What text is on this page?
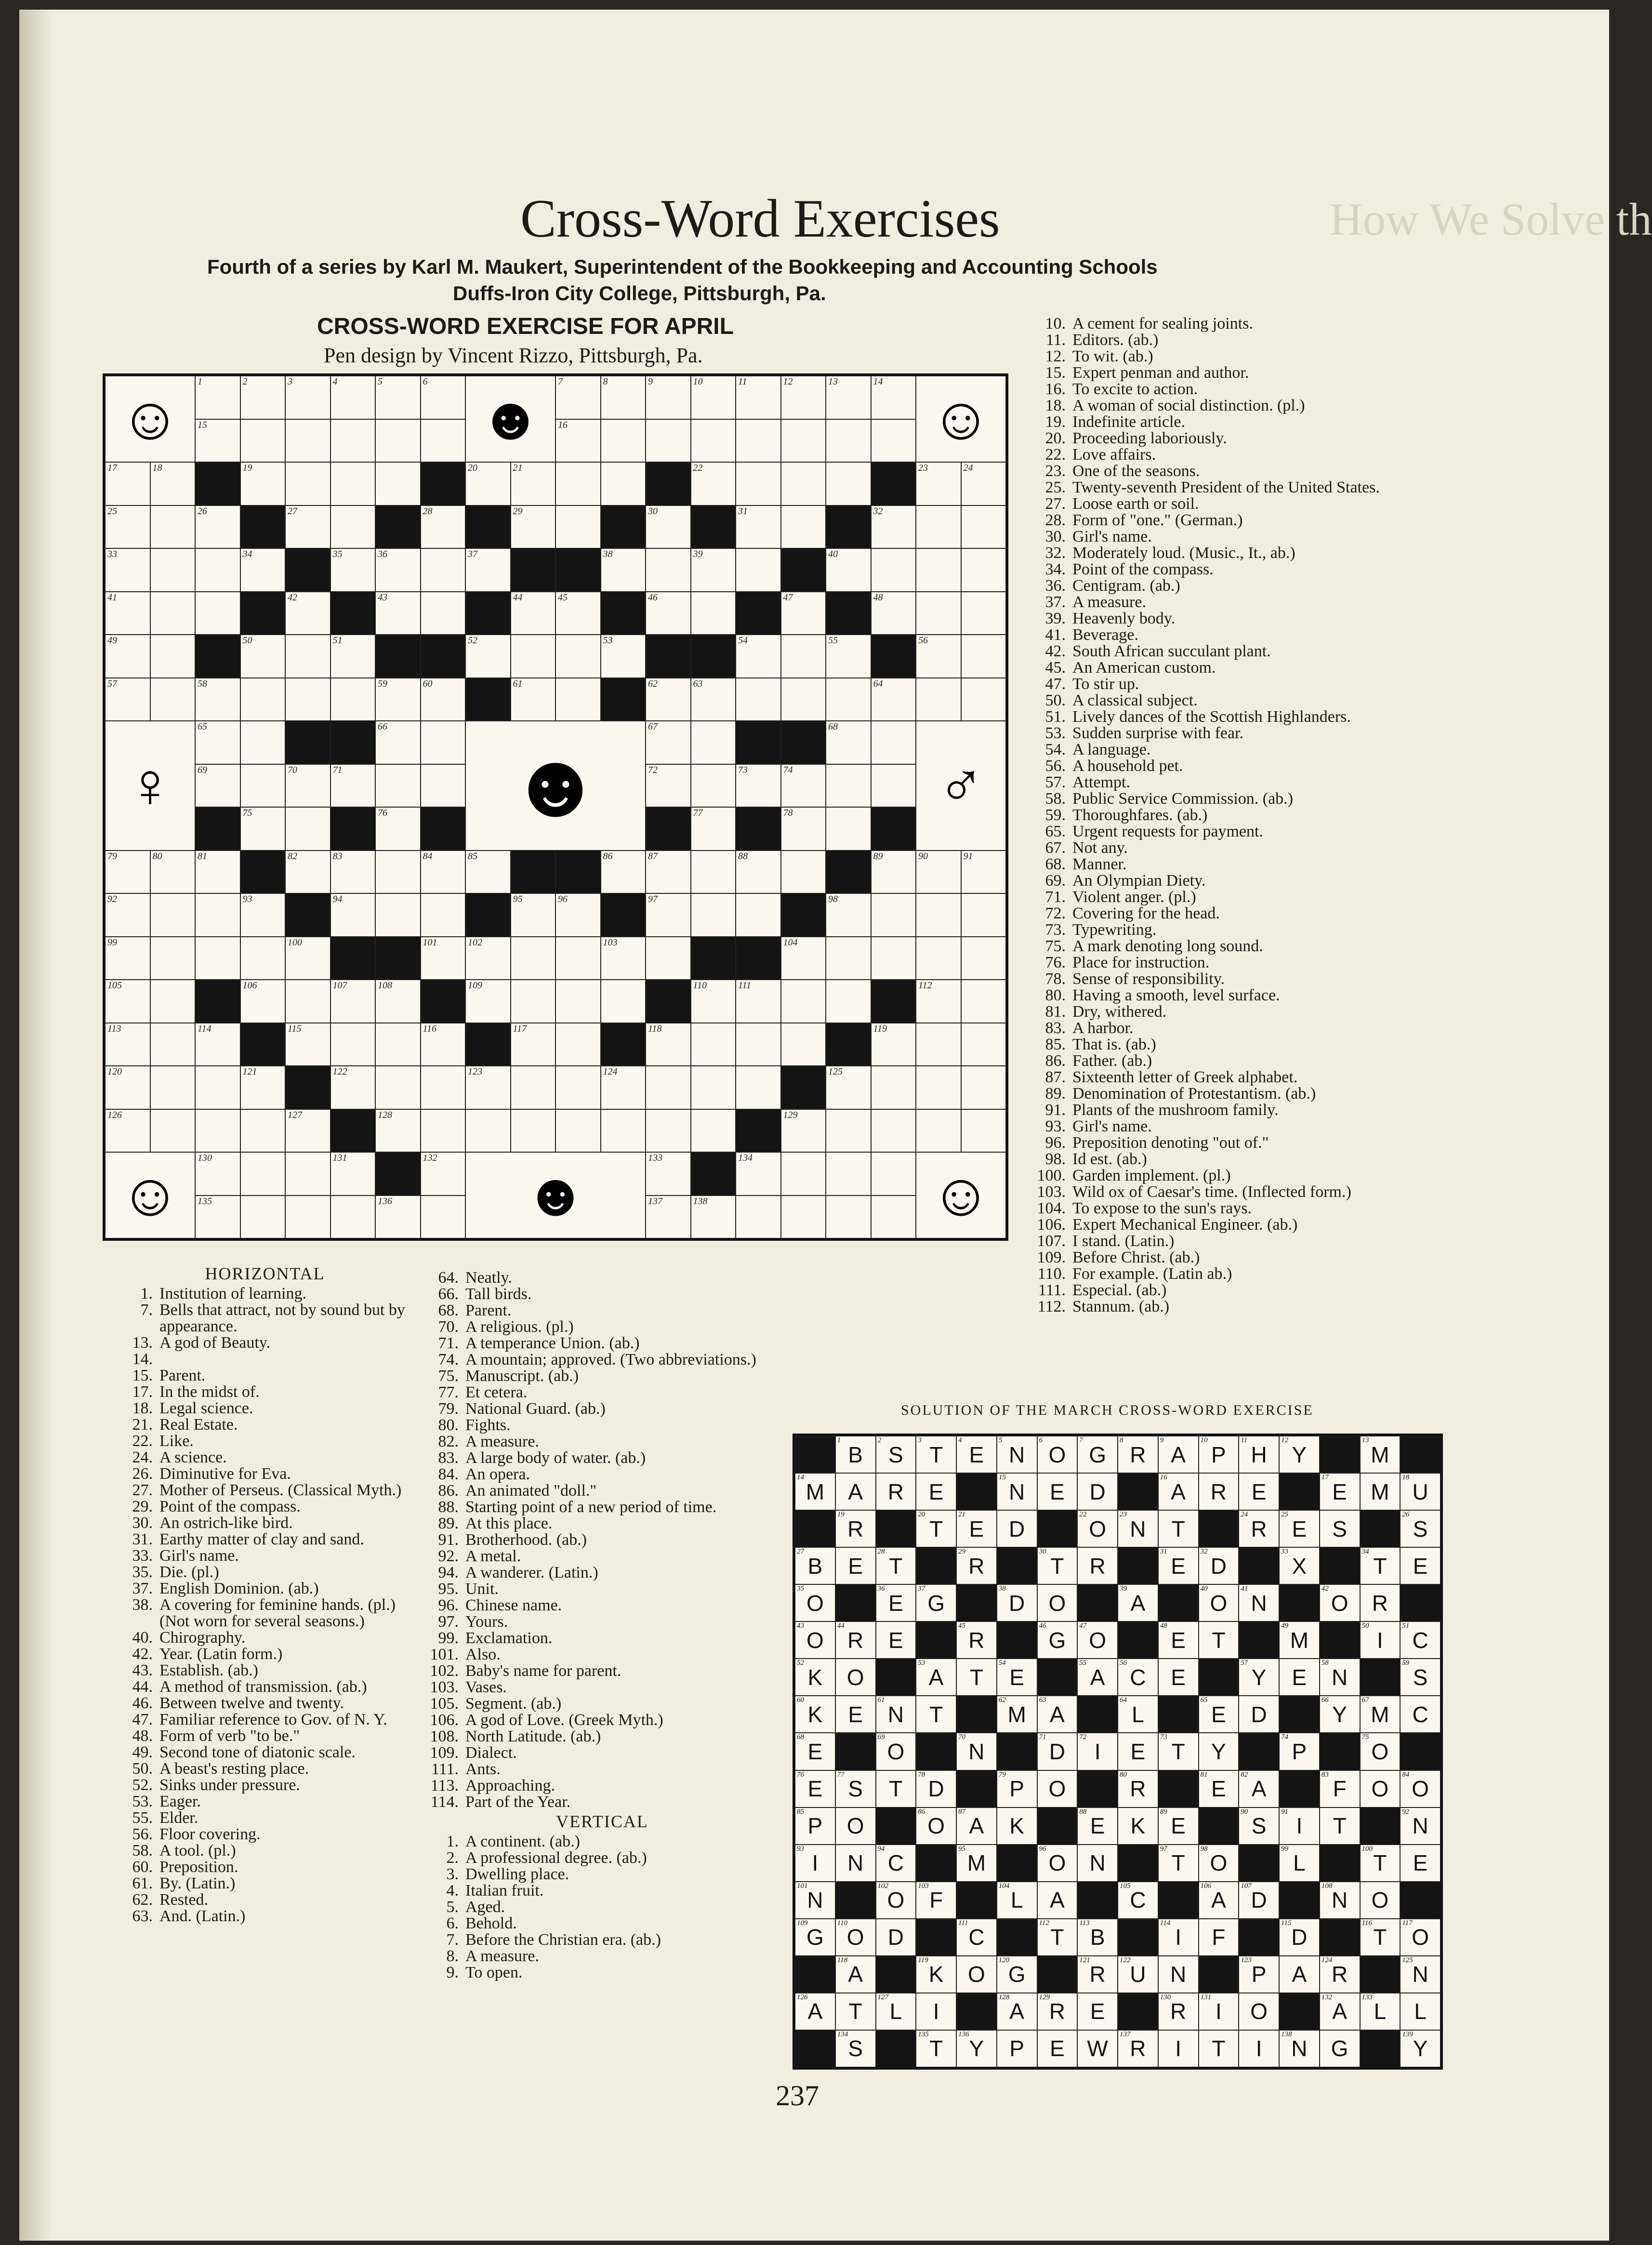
How We Solve th
Cross-Word Exercises
Fourth of a series by Karl M. Maukert, Superintendent of the Bookkeeping and Accounting Schools
Duffs-Iron City College, Pittsburgh, Pa.
CROSS-WORD EXERCISE FOR APRIL
Pen design by Vincent Rizzo, Pittsburgh, Pa.
1	2	3	4	5	6	7	8	9	10	11	12	13	14
15	16
17	18	19	20	21	22	23	24
25	26	27	28	29	30	31	32
33	34	35	36	37	38	39	40
41	42	43	44	45	46	47	48
49	50	51	52	53	54	55	56
57	58	59	60	61	62	63	64
65	66	67	68
69	70	71	72	73	74
75	76	77	78
79	80	81	82	83	84	85	86	87	88	89	90	91
92	93	94	95	96	97	98
99	100	101	102	103	104
105	106	107	108	109	110	111	112
113	114	115	116	117	118	119
120	121	122	123	124	125
126	127	128	129
130	131	132	133	134
135	136	137	138
☺	☻	☺
♀	☻	♂
☺	☻	☺
HORIZONTAL
1. Institution of learning.
7. Bells that attract, not by sound but by appearance.
13. A god of Beauty.
14.
15. Parent.
17. In the midst of.
18. Legal science.
21. Real Estate.
22. Like.
24. A science.
26. Diminutive for Eva.
27. Mother of Perseus. (Classical Myth.)
29. Point of the compass.
30. An ostrich-like bird.
31. Earthy matter of clay and sand.
33. Girl's name.
35. Die. (pl.)
37. English Dominion. (ab.)
38. A covering for feminine hands. (pl.) (Not worn for several seasons.)
40. Chirography.
42. Year. (Latin form.)
43. Establish. (ab.)
44. A method of transmission. (ab.)
46. Between twelve and twenty.
47. Familiar reference to Gov. of N. Y.
48. Form of verb "to be."
49. Second tone of diatonic scale.
50. A beast's resting place.
52. Sinks under pressure.
53. Eager.
55. Elder.
56. Floor covering.
58. A tool. (pl.)
60. Preposition.
61. By. (Latin.)
62. Rested.
63. And. (Latin.)
64. Neatly.
66. Tall birds.
68. Parent.
70. A religious. (pl.)
71. A temperance Union. (ab.)
74. A mountain; approved. (Two abbreviations.)
75. Manuscript. (ab.)
77. Et cetera.
79. National Guard. (ab.)
80. Fights.
82. A measure.
83. A large body of water. (ab.)
84. An opera.
86. An animated "doll."
88. Starting point of a new period of time.
89. At this place.
91. Brotherhood. (ab.)
92. A metal.
94. A wanderer. (Latin.)
95. Unit.
96. Chinese name.
97. Yours.
99. Exclamation.
101. Also.
102. Baby's name for parent.
103. Vases.
105. Segment. (ab.)
106. A god of Love. (Greek Myth.)
108. North Latitude. (ab.)
109. Dialect.
111. Ants.
113. Approaching.
114. Part of the Year.
VERTICAL
1. A continent. (ab.)
2. A professional degree. (ab.)
3. Dwelling place.
4. Italian fruit.
5. Aged.
6. Behold.
7. Before the Christian era. (ab.)
8. A measure.
9. To open.
10. A cement for sealing joints.
11. Editors. (ab.)
12. To wit. (ab.)
15. Expert penman and author.
16. To excite to action.
18. A woman of social distinction. (pl.)
19. Indefinite article.
20. Proceeding laboriously.
22. Love affairs.
23. One of the seasons.
25. Twenty-seventh President of the United States.
27. Loose earth or soil.
28. Form of "one." (German.)
30. Girl's name.
32. Moderately loud. (Music., It., ab.)
34. Point of the compass.
36. Centigram. (ab.)
37. A measure.
39. Heavenly body.
41. Beverage.
42. South African succulant plant.
45. An American custom.
47. To stir up.
50. A classical subject.
51. Lively dances of the Scottish Highlanders.
53. Sudden surprise with fear.
54. A language.
56. A household pet.
57. Attempt.
58. Public Service Commission. (ab.)
59. Thoroughfares. (ab.)
65. Urgent requests for payment.
67. Not any.
68. Manner.
69. An Olympian Diety.
71. Violent anger. (pl.)
72. Covering for the head.
73. Typewriting.
75. A mark denoting long sound.
76. Place for instruction.
78. Sense of responsibility.
80. Having a smooth, level surface.
81. Dry, withered.
83. A harbor.
85. That is. (ab.)
86. Father. (ab.)
87. Sixteenth letter of Greek alphabet.
89. Denomination of Protestantism. (ab.)
91. Plants of the mushroom family.
93. Girl's name.
96. Preposition denoting "out of."
98. Id est. (ab.)
100. Garden implement. (pl.)
103. Wild ox of Caesar's time. (Inflected form.)
104. To expose to the sun's rays.
106. Expert Mechanical Engineer. (ab.)
107. I stand. (Latin.)
109. Before Christ. (ab.)
110. For example. (Latin ab.)
111. Especial. (ab.)
112. Stannum. (ab.)
SOLUTION OF THE MARCH CROSS-WORD EXERCISE
1
B
2
S
3
T
4
E
5
N
6
O
7
G
8
R
9
A
10
P
11
H
12
Y
13
M
14
M A R E
15
N E D
16
A R E
17
E M
18
U
19
R
20
T
21
E D
22
O
23
N T
24
R
25
E S
26
S
27
B E
28
T
29
R
30
T R
31
E
32
D
33
X
34
T E
35
O
36
E
37
G
38
D O
39
A
40
O
41
N
42
O R
43
O
44
R E
45
R
46
G
47
O
48
E T
49
M
50
I
51
C
52
K O
53
A T
54
E
55
A
56
C E
57
Y E
58
N
59
S
60
K E
61
N T
62
M
63
A
64
L
65
E D
66
Y
67
M C
68
E
69
O
70
N
71
D
72
I E
73
T Y
74
P
75
O
76
E
77
S T
78
D
79
P O
80
R
81
E
82
A
83
F O
84
O
85
P O
86
O
87
A K
88
E K
89
E
90
S
91
I T
92
N
93
I N
94
C
95
M
96
O N
97
T
98
O
99
L
100
T E
101
N
102
O
103
F
104
L A
105
C
106
A
107
D
108
N O
109
G
110
O D
111
C
112
T
113
B
114
I F
115
D
116
T
117
O
118
A
119
K O
120
G
121
R
122
U N
123
P A
124
R
125
N
126
A T
127
L I
128
A
129
R E
130
R
131
I O
132
A
133
L L
134
S
135
T
136
Y P E W
137
R I T I
138
N G
139
Y
237
